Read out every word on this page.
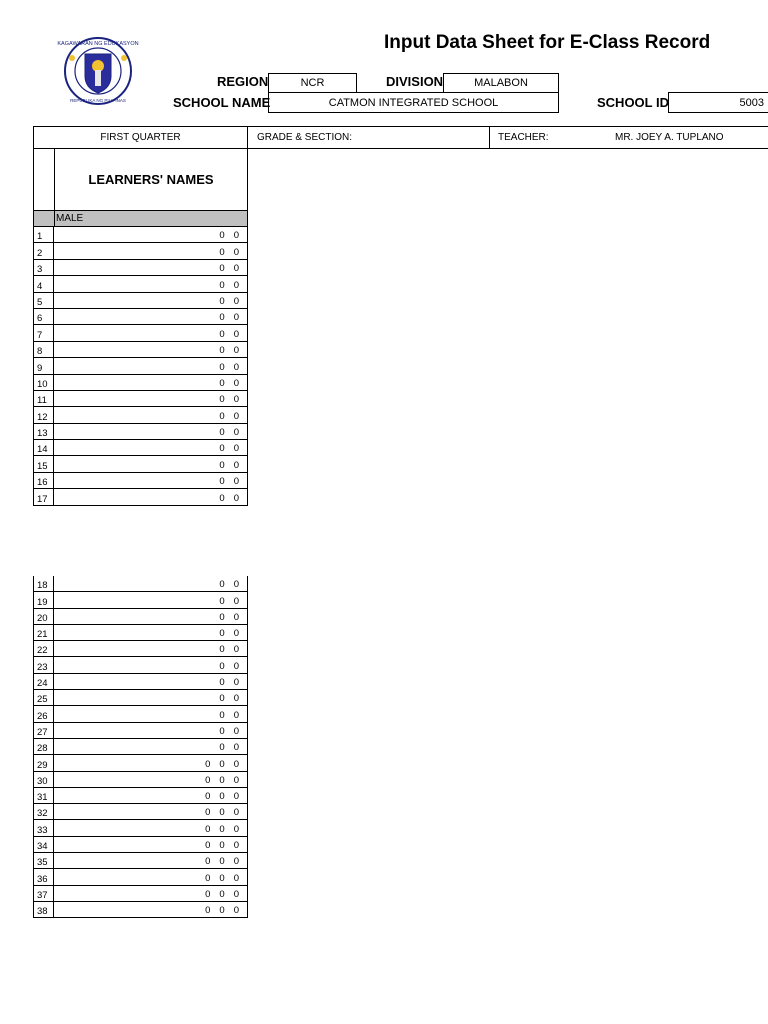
KAGAWARAN NG EDUKASYON
REPUBLIKA NG PILIPINAS
Input Data Sheet for E-Class Record
REGION	NCR	DIVISION	MALABON
SCHOOL NAME	CATMON INTEGRATED SCHOOL	SCHOOL ID	5003
FIRST QUARTER	GRADE & SECTION:	TEACHER:	MR. JOEY A. TUPLANO
LEARNERS' NAMES
MALE
1	0 0
2	0 0
3	0 0
4	0 0
5	0 0
6	0 0
7	0 0
8	0 0
9	0 0
10	0 0
11	0 0
12	0 0
13	0 0
14	0 0
15	0 0
16	0 0
17	0 0
18	0 0
19	0 0
20	0 0
21	0 0
22	0 0
23	0 0
24	0 0
25	0 0
26	0 0
27	0 0
28	0 0
29	0 0 0
30	0 0 0
31	0 0 0
32	0 0 0
33	0 0 0
34	0 0 0
35	0 0 0
36	0 0 0
37	0 0 0
38	0 0 0
